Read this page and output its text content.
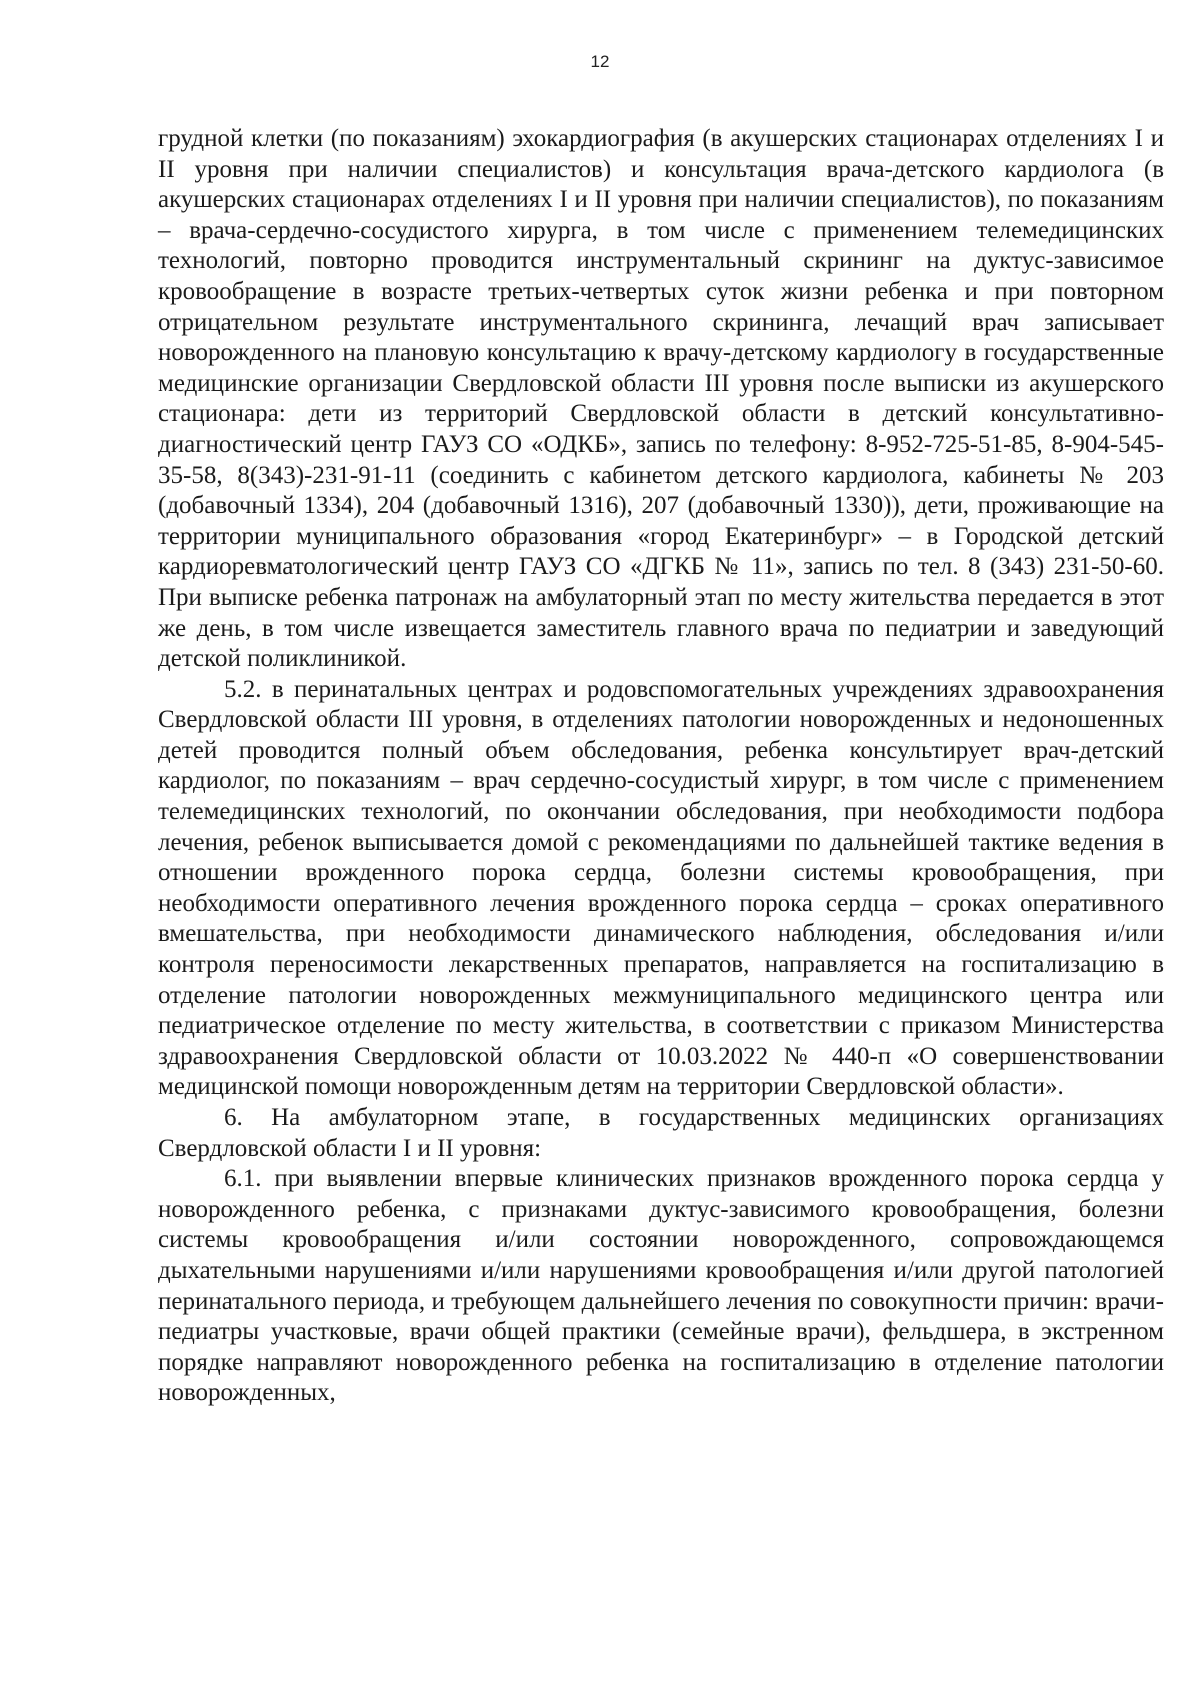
12

грудной клетки (по показаниям) эхокардиография (в акушерских стационарах отделениях I и II уровня при наличии специалистов) и консультация врача-детского кардиолога (в акушерских стационарах отделениях I и II уровня при наличии специалистов), по показаниям – врача-сердечно-сосудистого хирурга, в том числе с применением телемедицинских технологий, повторно проводится инструментальный скрининг на дуктус-зависимое кровообращение в возрасте третьих-четвертых суток жизни ребенка и при повторном отрицательном результате инструментального скрининга, лечащий врач записывает новорожденного на плановую консультацию к врачу-детскому кардиологу в государственные медицинские организации Свердловской области III уровня после выписки из акушерского стационара: дети из территорий Свердловской области в детский консультативно-диагностический центр ГАУЗ СО «ОДКБ», запись по телефону: 8-952-725-51-85, 8-904-545-35-58, 8(343)-231-91-11 (соединить с кабинетом детского кардиолога, кабинеты № 203 (добавочный 1334), 204 (добавочный 1316), 207 (добавочный 1330)), дети, проживающие на территории муниципального образования «город Екатеринбург» – в Городской детский кардиоревматологический центр ГАУЗ СО «ДГКБ № 11», запись по тел. 8 (343) 231-50-60. При выписке ребенка патронаж на амбулаторный этап по месту жительства передается в этот же день, в том числе извещается заместитель главного врача по педиатрии и заведующий детской поликлиникой.

5.2. в перинатальных центрах и родовспомогательных учреждениях здравоохранения Свердловской области III уровня, в отделениях патологии новорожденных и недоношенных детей проводится полный объем обследования, ребенка консультирует врач-детский кардиолог, по показаниям – врач сердечно-сосудистый хирург, в том числе с применением телемедицинских технологий, по окончании обследования, при необходимости подбора лечения, ребенок выписывается домой с рекомендациями по дальнейшей тактике ведения в отношении врожденного порока сердца, болезни системы кровообращения, при необходимости оперативного лечения врожденного порока сердца – сроках оперативного вмешательства, при необходимости динамического наблюдения, обследования и/или контроля переносимости лекарственных препаратов, направляется на госпитализацию в отделение патологии новорожденных межмуниципального медицинского центра или педиатрическое отделение по месту жительства, в соответствии с приказом Министерства здравоохранения Свердловской области от 10.03.2022 № 440-п «О совершенствовании медицинской помощи новорожденным детям на территории Свердловской области».

6. На амбулаторном этапе, в государственных медицинских организациях Свердловской области I и II уровня:

6.1. при выявлении впервые клинических признаков врожденного порока сердца у новорожденного ребенка, с признаками дуктус-зависимого кровообращения, болезни системы кровообращения и/или состоянии новорожденного, сопровождающемся дыхательными нарушениями и/или нарушениями кровообращения и/или другой патологией перинатального периода, и требующем дальнейшего лечения по совокупности причин: врачи-педиатры участковые, врачи общей практики (семейные врачи), фельдшера, в экстренном порядке направляют новорожденного ребенка на госпитализацию в отделение патологии новорожденных,
